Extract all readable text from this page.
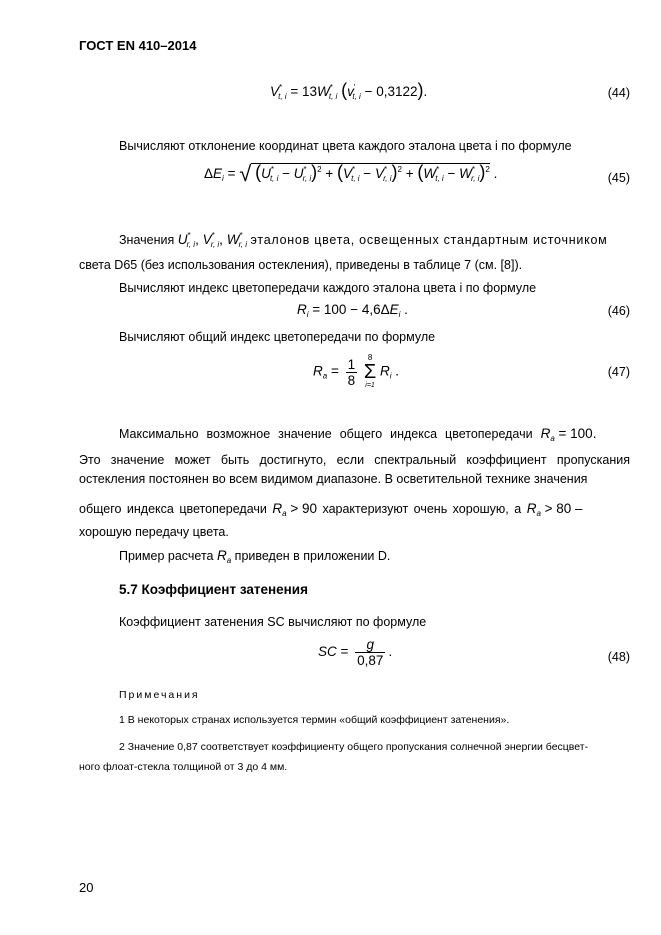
ГОСТ EN 410–2014
$V^*_{t, i} = 13W^*_{t, i}$ $(v'_{t, i} - 0,3122)$.	(44)
Вычисляют отклонение координат цвета каждого эталона цвета i по формуле
$\Delta E_i$ = √ $(U^*_{t, i} - U^*_{r, i})^2 + (V^*_{t, i} - V^*_{r, i})^2 + (W^*_{t, i} - W^*_{r, i})^2$ .	(45)
Значения $U^*_{r, i}$, $V^*_{r, i}$, $W^*_{r, i}$ эталонов цвета, освещенных стандартным источником
света D65 (без использования остекления), приведены в таблице 7 (см. [8]).
Вычисляют индекс цветопередачи каждого эталона цвета i по формуле
$R_i = 100 - 4,6\Delta E_i$ .	(46)
Вычисляют общий индекс цветопередачи по формуле
$R_a = \frac{1}{8}$
	8
Σ
i=1
$R_i$ .	(47)
Максимально возможное значение общего индекса цветопередачи $R_a = 100$.
Это значение может быть достигнуто, если спектральный коэффициент пропускания остекления постоянен во всем видимом диапазоне. В осветительной технике значения
общего индекса цветопередачи $R_a > 90$ характеризуют очень хорошую, а $R_a > 80$ –
хорошую передачу цвета.
Пример расчета $R_a$ приведен в приложении D.
5.7 Коэффициент затенения
Коэффициент затенения SC вычисляют по формуле
SC = $\frac{g}{0,87}$ .	(48)
Примечания
1 В некоторых странах используется термин «общий коэффициент затенения».
2 Значение 0,87 соответствует коэффициенту общего пропускания солнечной энергии бесцвет-
ного флоат-стекла толщиной от 3 до 4 мм.
20
